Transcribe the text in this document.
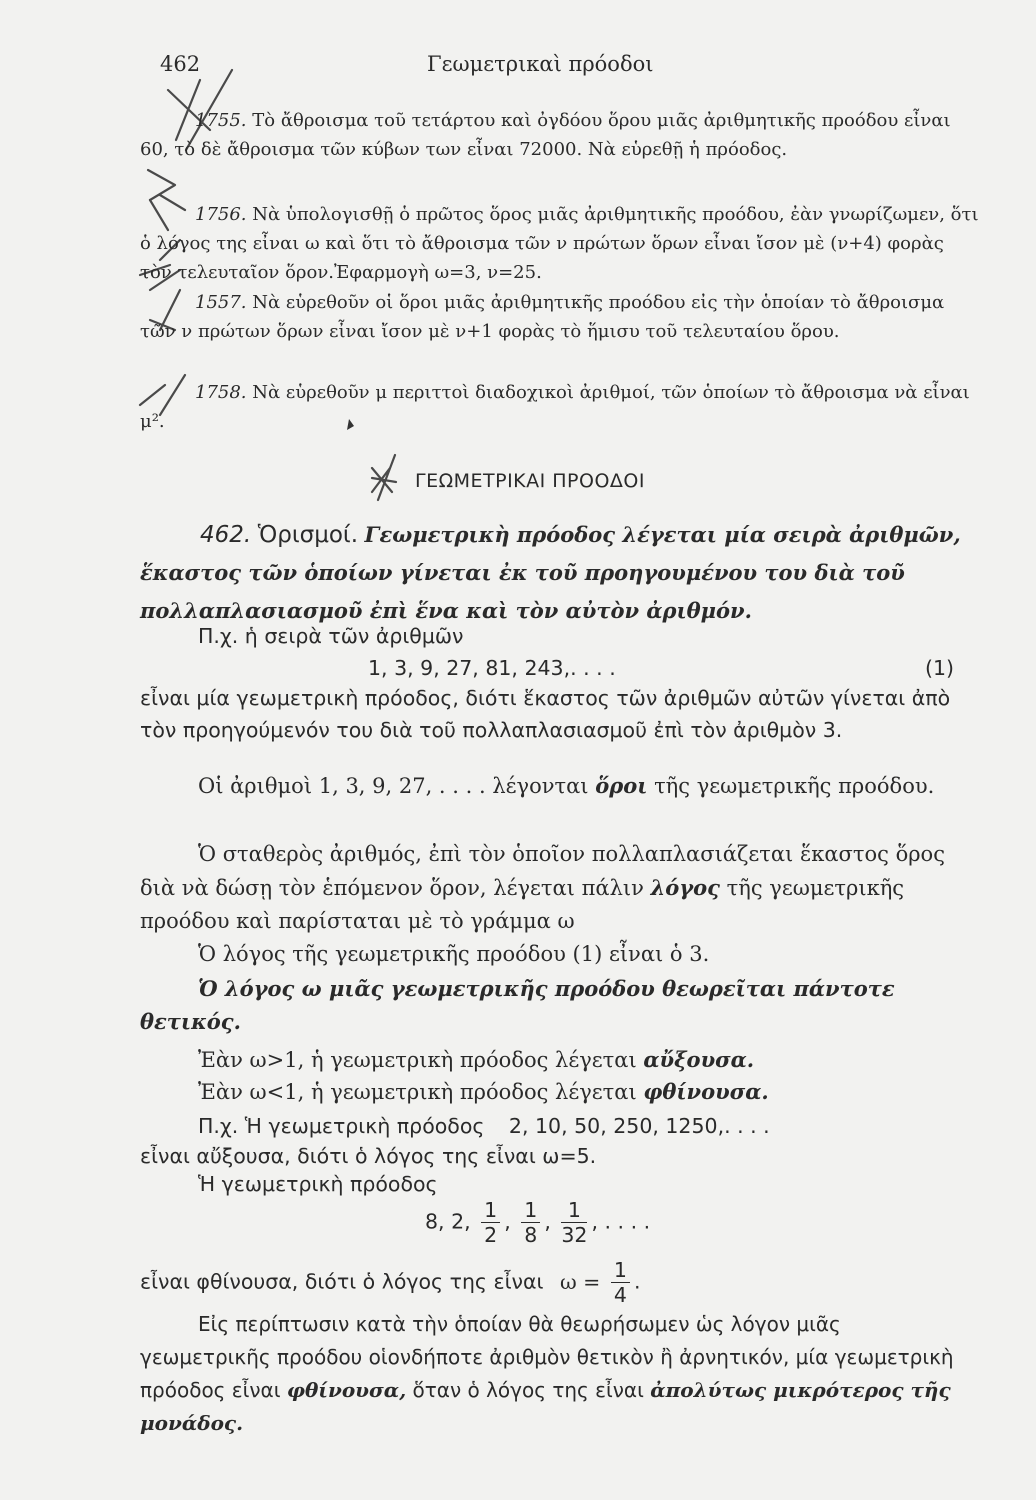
462	Γεωμετρικαὶ πρόοδοι
1755. Τὸ ἄθροισμα τοῦ τετάρτου καὶ ὀγδόου ὅρου μιᾶς ἀριθμητικῆς προόδου εἶναι 60, τὸ δὲ ἄθροισμα τῶν κύβων των εἶναι 72000. Νὰ εὑρεθῇ ἡ πρόοδος.
1756. Νὰ ὑπολογισθῇ ὁ πρῶτος ὅρος μιᾶς ἀριθμητικῆς προόδου, ἐὰν γνωρίζωμεν, ὅτι ὁ λόγος της εἶναι ω καὶ ὅτι τὸ ἄθροισμα τῶν ν πρώτων ὅρων εἶναι ἴσον μὲ (ν+4) φορὰς τὸν τελευταῖον ὅρον.Ἐφαρμογὴ ω=3, ν=25.
1557. Νὰ εὑρεθοῦν οἱ ὅροι μιᾶς ἀριθμητικῆς προόδου εἰς τὴν ὁποίαν τὸ ἄθροισμα τῶν ν πρώτων ὅρων εἶναι ἴσον μὲ ν+1 φορὰς τὸ ἥμισυ τοῦ τελευταίου ὅρου.
1758. Νὰ εὑρεθοῦν μ περιττοὶ διαδοχικοὶ ἀριθμοί, τῶν ὁποίων τὸ ἄθροισμα νὰ εἶναι μ².
ΓΕΩΜΕΤΡΙΚΑΙ ΠΡΟΟΔΟΙ
462. Ὁρισμοί. Γεωμετρικὴ πρόοδος λέγεται μία σειρὰ ἀριθμῶν, ἕκαστος τῶν ὁποίων γίνεται ἐκ τοῦ προηγουμένου του διὰ τοῦ πολλαπλασιασμοῦ ἐπὶ ἕνα καὶ τὸν αὐτὸν ἀριθμόν.
Π.χ. ἡ σειρὰ τῶν ἀριθμῶν
1, 3, 9, 27, 81, 243,. . . .	(1)
εἶναι μία γεωμετρικὴ πρόοδος, διότι ἕκαστος τῶν ἀριθμῶν αὐτῶν γίνεται ἀπὸ τὸν προηγούμενόν του διὰ τοῦ πολλαπλασιασμοῦ ἐπὶ τὸν ἀριθμὸν 3.
Οἱ ἀριθμοὶ 1, 3, 9, 27, . . . . λέγονται ὅροι τῆς γεωμετρικῆς προόδου.
Ὁ σταθερὸς ἀριθμός, ἐπὶ τὸν ὁποῖον πολλαπλασιάζεται ἕκαστος ὅρος διὰ νὰ δώσῃ τὸν ἑπόμενον ὅρον, λέγεται πάλιν λόγος τῆς γεωμετρικῆς προόδου καὶ παρίσταται μὲ τὸ γράμμα ω
Ὁ λόγος τῆς γεωμετρικῆς προόδου (1) εἶναι ὁ 3.
Ὁ λόγος ω μιᾶς γεωμετρικῆς προόδου θεωρεῖται πάντοτε θετικός.
Ἐὰν ω>1, ἡ γεωμετρικὴ πρόοδος λέγεται αὔξουσα.
Ἐὰν ω<1, ἡ γεωμετρικὴ πρόοδος λέγεται φθίνουσα.
Π.χ. Ἡ γεωμετρικὴ πρόοδος 2, 10, 50, 250, 1250,. . . .
εἶναι αὔξουσα, διότι ὁ λόγος της εἶναι ω=5.
Ἡ γεωμετρικὴ πρόοδος
8, 2, $\frac{1}{2}$ , $\frac{1}{8}$ , $\frac{1}{32}$ , . . . .
εἶναι φθίνουσα, διότι ὁ λόγος της εἶναι $\omega = \frac{1}{4}$ .
Εἰς περίπτωσιν κατὰ τὴν ὁποίαν θὰ θεωρήσωμεν ὡς λόγον μιᾶς γεωμετρικῆς προόδου οἱονδήποτε ἀριθμὸν θετικὸν ἢ ἀρνητικόν, μία γεωμετρικὴ πρόοδος εἶναι φθίνουσα, ὅταν ὁ λόγος της εἶναι ἀπολύτως μικρότερος τῆς μονάδος.
